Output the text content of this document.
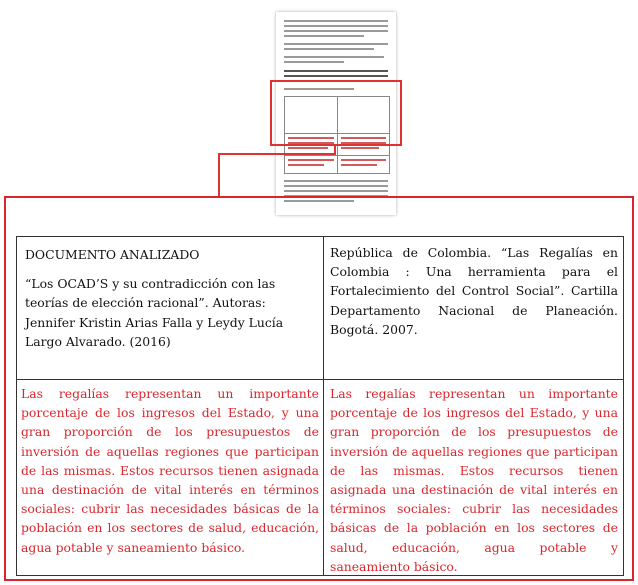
DOCUMENTO ANALIZADO
“Los OCAD’S y su contradicción con las teorías de elección racional”. Autoras: Jennifer Kristin Arias Falla y Leydy Lucía Largo Alvarado. (2016)
República de Colombia. “Las Regalías en Colombia : Una herramienta para el Fortalecimiento del Control Social”. Cartilla Departamento Nacional de Planeación. Bogotá. 2007.
Las regalías representan un importante porcentaje de los ingresos del Estado, y una gran proporción de los presupuestos de inversión de aquellas regiones que participan de las mismas. Estos recursos tienen asignada una destinación de vital interés en términos sociales: cubrir las necesidades básicas de la población en los sectores de salud, educación, agua potable y saneamiento básico.
Las regalías representan un importante porcentaje de los ingresos del Estado, y una gran proporción de los presupuestos de inversión de aquellas regiones que participan de las mismas. Estos recursos tienen asignada una destinación de vital interés en términos sociales: cubrir las necesidades básicas de la población en los sectores de salud, educación, agua potable y saneamiento básico.
